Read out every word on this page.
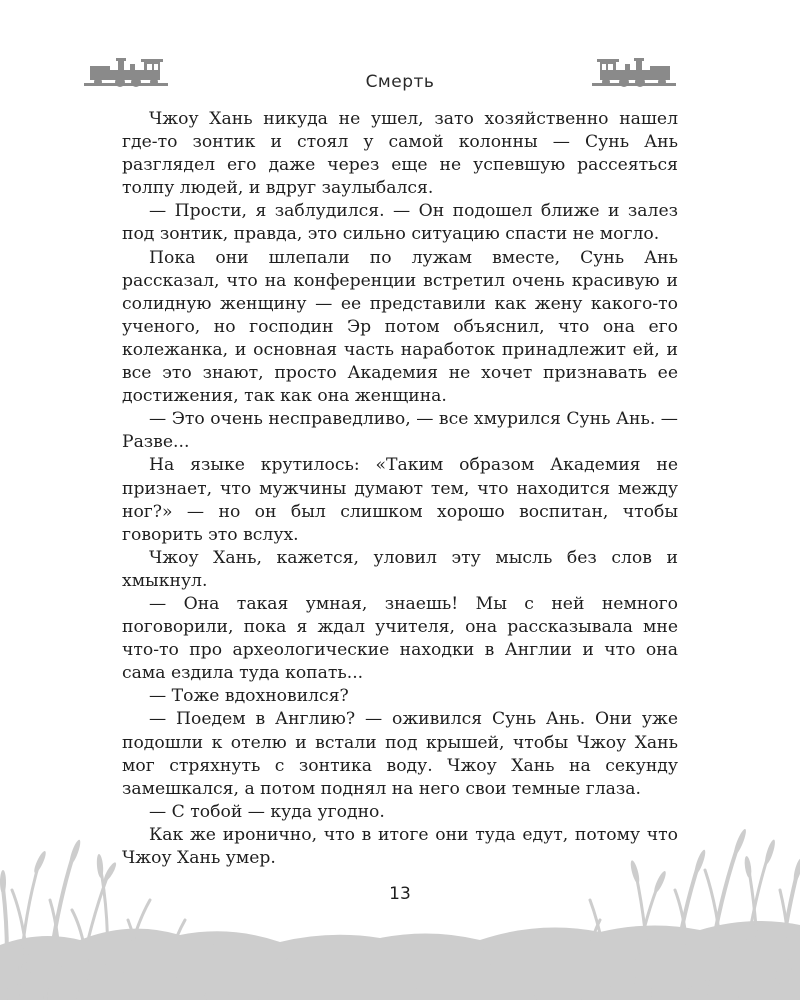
Смерть

Чжоу Хань никуда не ушел, зато хозяйственно нашел где-то зонтик и стоял у самой колонны — Сунь Ань разглядел его даже через еще не успевшую рассеяться толпу людей, и вдруг заулыбался.

— Прости, я заблудился. — Он подошел ближе и залез под зонтик, правда, это сильно ситуацию спасти не могло.

Пока они шлепали по лужам вместе, Сунь Ань рассказал, что на конференции встретил очень красивую и солидную женщину — ее представили как жену какого-то ученого, но господин Эр потом объяснил, что она его колежанка, и основная часть наработок принадлежит ей, и все это знают, просто Академия не хочет признавать ее достижения, так как она женщина.

— Это очень несправедливо, — все хмурился Сунь Ань. — Разве...

На языке крутилось: «Таким образом Академия не признает, что мужчины думают тем, что находится между ног?» — но он был слишком хорошо воспитан, чтобы говорить это вслух.

Чжоу Хань, кажется, уловил эту мысль без слов и хмыкнул.

— Она такая умная, знаешь! Мы с ней немного поговорили, пока я ждал учителя, она рассказывала мне что-то про археологические находки в Англии и что она сама ездила туда копать...

— Тоже вдохновился?

— Поедем в Англию? — оживился Сунь Ань. Они уже подошли к отелю и встали под крышей, чтобы Чжоу Хань мог стряхнуть с зонтика воду. Чжоу Хань на секунду замешкался, а потом поднял на него свои темные глаза.

— С тобой — куда угодно.

Как же иронично, что в итоге они туда едут, потому что Чжоу Хань умер.

13
